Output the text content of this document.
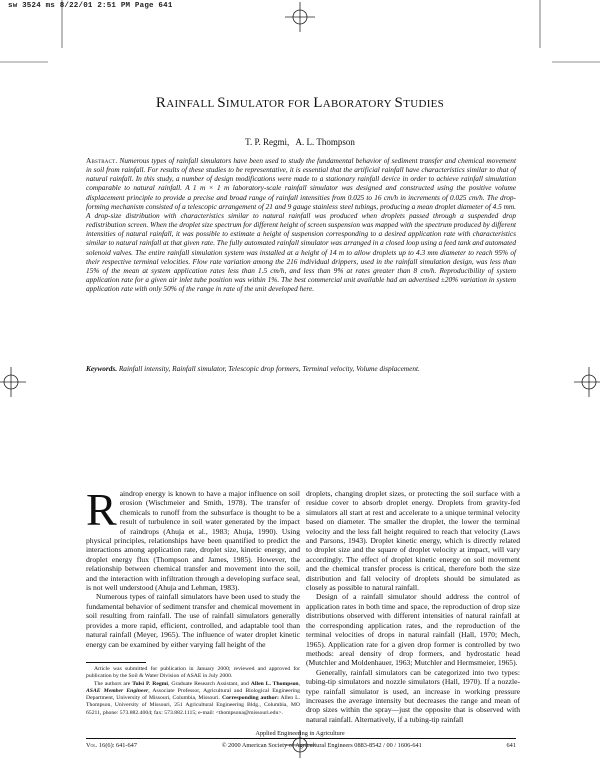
sw 3524 ms 8/22/01 2:51 PM Page 641
RAINFALL SIMULATOR FOR LABORATORY STUDIES
T. P. Regmi,   A. L. Thompson
Abstract. Numerous types of rainfall simulators have been used to study the fundamental behavior of sediment transfer and chemical movement in soil from rainfall. For results of these studies to be representative, it is essential that the artificial rainfall have characteristics similar to that of natural rainfall. In this study, a number of design modifications were made to a stationary rainfall device in order to achieve rainfall simulation comparable to natural rainfall. A 1 m × 1 m laboratory-scale rainfall simulator was designed and constructed using the positive volume displacement principle to provide a precise and broad range of rainfall intensities from 0.025 to 16 cm/h in increments of 0.025 cm/h. The drop-forming mechanism consisted of a telescopic arrangement of 21 and 9 gauge stainless steel tubings, producing a mean droplet diameter of 4.5 mm. A drop-size distribution with characteristics similar to natural rainfall was produced when droplets passed through a suspended drop redistribution screen. When the droplet size spectrum for different height of screen suspension was mapped with the spectrum produced by different intensities of natural rainfall, it was possible to estimate a height of suspension corresponding to a desired application rate with characteristics similar to natural rainfall at that given rate. The fully automated rainfall simulator was arranged in a closed loop using a feed tank and automated solenoid valves. The entire rainfall simulation system was installed at a height of 14 m to allow droplets up to 4.3 mm diameter to reach 95% of their respective terminal velocities. Flow rate variation among the 216 individual drippers, used in the rainfall simulation design, was less than 15% of the mean at system application rates less than 1.5 cm/h, and less than 9% at rates greater than 8 cm/h. Reproducibility of system application rate for a given air inlet tube position was within 1%. The best commercial unit available had an advertised ±20% variation in system application rate with only 50% of the range in rate of the unit developed here.
Keywords. Rainfall intensity, Rainfall simulator, Telescopic drop formers, Terminal velocity, Volume displacement.

Raindrop energy is known to have a major influence on soil erosion (Wischmeier and Smith, 1978). The transfer of chemicals to runoff from the subsurface is thought to be a result of turbulence in soil water generated by the impact of raindrops (Ahuja et al., 1983; Ahuja, 1990). Using physical principles, relationships have been quantified to predict the interactions among application rate, droplet size, kinetic energy, and droplet energy flux (Thompson and James, 1985). However, the relationship between chemical transfer and movement into the soil, and the interaction with infiltration through a developing surface seal, is not well understood (Ahuja and Lehman, 1983).

Numerous types of rainfall simulators have been used to study the fundamental behavior of sediment transfer and chemical movement in soil resulting from rainfall. The use of rainfall simulators generally provides a more rapid, efficient, controlled, and adaptable tool than natural rainfall (Meyer, 1965). The influence of water droplet kinetic energy can be examined by either varying fall height of the

droplets, changing droplet sizes, or protecting the soil surface with a residue cover to absorb droplet energy. Droplets from gravity-fed simulators all start at rest and accelerate to a unique terminal velocity based on diameter. The smaller the droplet, the lower the terminal velocity and the less fall height required to reach that velocity (Laws and Parsons, 1943). Droplet kinetic energy, which is directly related to droplet size and the square of droplet velocity at impact, will vary accordingly. The effect of droplet kinetic energy on soil movement and the chemical transfer process is critical, therefore both the size distribution and fall velocity of droplets should be simulated as closely as possible to natural rainfall.

Design of a rainfall simulator should address the control of application rates in both time and space, the reproduction of drop size distributions observed with different intensities of natural rainfall at the corresponding application rates, and the reproduction of the terminal velocities of drops in natural rainfall (Hall, 1970; Mech, 1965). Application rate for a given drop former is controlled by two methods: areal density of drop formers, and hydrostatic head (Mutchler and Moldenhauer, 1963; Mutchler and Hermsmeier, 1965).

Generally, rainfall simulators can be categorized into two types: tubing-tip simulators and nozzle simulators (Hall, 1970). If a nozzle-type rainfall simulator is used, an increase in working pressure increases the average intensity but decreases the range and mean of drop sizes within the spray—just the opposite that is observed with natural rainfall. Alternatively, if a tubing-tip rainfall

Article was submitted for publication in January 2000; reviewed and approved for publication by the Soil & Water Division of ASAE in July 2000.

The authors are Tulsi P. Regmi, Graduate Research Assistant, and Allen L. Thompson, ASAE Member Engineer, Associate Professor, Agricultural and Biological Engineering Department, University of Missouri, Columbia, Missouri. Corresponding author: Allen L. Thompson, University of Missouri, 251 Agricultural Engineering Bldg., Columbia, MO 65211, phone: 573.882.4004; fax: 573.882.1115; e-mail: <thompsona@missouri.edu>.

Applied Engineering in Agriculture
Vol. 16(6): 641-647	© 2000 American Society of Agricultural Engineers 0883-8542 / 00 / 1606-641	641
